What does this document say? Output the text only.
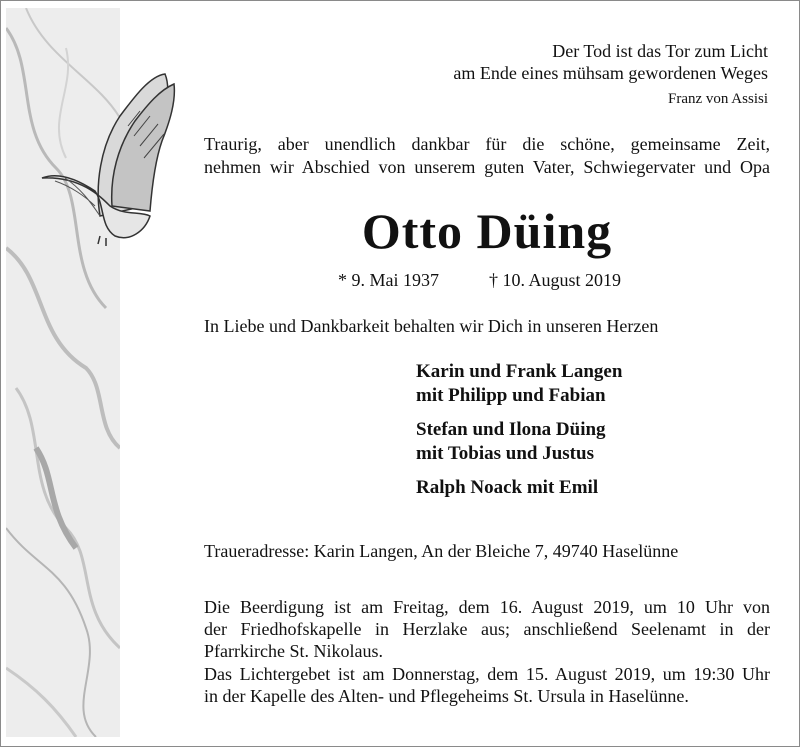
Der Tod ist das Tor zum Licht
am Ende eines mühsam gewordenen Weges
Franz von Assisi
Traurig, aber unendlich dankbar für die schöne, gemeinsame Zeit,
nehmen wir Abschied von unserem guten Vater, Schwiegervater und Opa
Otto Düing
* 9. Mai 1937	† 10. August 2019
In Liebe und Dankbarkeit behalten wir Dich in unseren Herzen
Karin und Frank Langen
mit Philipp und Fabian
Stefan und Ilona Düing
mit Tobias und Justus
Ralph Noack mit Emil
Traueradresse: Karin Langen, An der Bleiche 7, 49740 Haselünne
Die Beerdigung ist am Freitag, dem 16. August 2019, um 10 Uhr von
der Friedhofskapelle in Herzlake aus; anschließend Seelenamt in der
Pfarrkirche St. Nikolaus.
Das Lichtergebet ist am Donnerstag, dem 15. August 2019, um 19:30 Uhr
in der Kapelle des Alten- und Pflegeheims St. Ursula in Haselünne.
